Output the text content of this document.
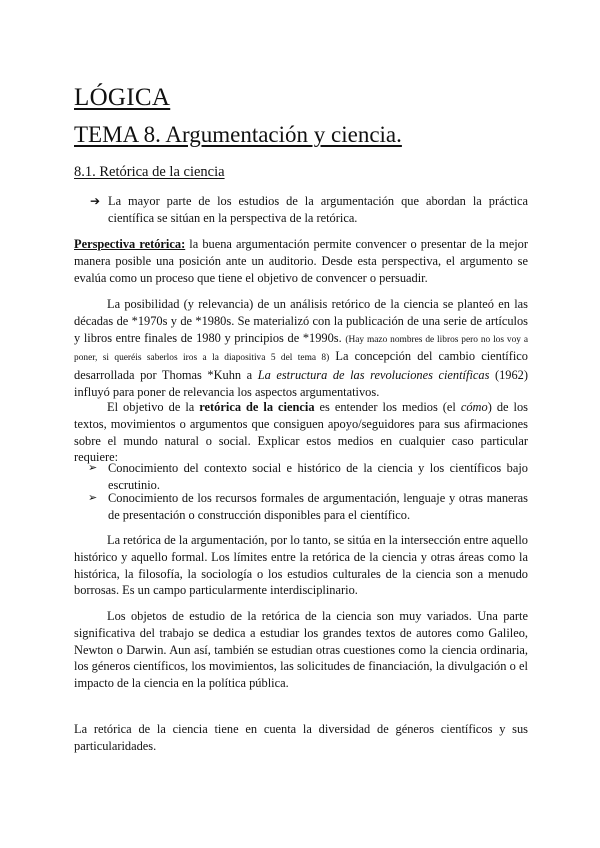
LÓGICA
TEMA 8. Argumentación y ciencia.
8.1. Retórica de la ciencia
➔ La mayor parte de los estudios de la argumentación que abordan la práctica científica se sitúan en la perspectiva de la retórica.

Perspectiva retórica: la buena argumentación permite convencer o presentar de la mejor manera posible una posición ante un auditorio. Desde esta perspectiva, el argumento se evalúa como un proceso que tiene el objetivo de convencer o persuadir.

La posibilidad (y relevancia) de un análisis retórico de la ciencia se planteó en las décadas de *1970s y de *1980s. Se materializó con la publicación de una serie de artículos y libros entre finales de 1980 y principios de *1990s. (Hay mazo nombres de libros pero no los voy a poner, si queréis saberlos iros a la diapositiva 5 del tema 8) La concepción del cambio científico desarrollada por Thomas *Kuhn a La estructura de las revoluciones científicas (1962) influyó para poner de relevancia los aspectos argumentativos.

El objetivo de la retórica de la ciencia es entender los medios (el cómo) de los textos, movimientos o argumentos que consiguen apoyo/seguidores para sus afirmaciones sobre el mundo natural o social. Explicar estos medios en cualquier caso particular requiere:

➢ Conocimiento del contexto social e histórico de la ciencia y los científicos bajo escrutinio.
➢ Conocimiento de los recursos formales de argumentación, lenguaje y otras maneras de presentación o construcción disponibles para el científico.

La retórica de la argumentación, por lo tanto, se sitúa en la intersección entre aquello histórico y aquello formal. Los límites entre la retórica de la ciencia y otras áreas como la histórica, la filosofía, la sociología o los estudios culturales de la ciencia son a menudo borrosas. Es un campo particularmente interdisciplinario.

Los objetos de estudio de la retórica de la ciencia son muy variados. Una parte significativa del trabajo se dedica a estudiar los grandes textos de autores como Galileo, Newton o Darwin. Aun así, también se estudian otras cuestiones como la ciencia ordinaria, los géneros científicos, los movimientos, las solicitudes de financiación, la divulgación o el impacto de la ciencia en la política pública.

La retórica de la ciencia tiene en cuenta la diversidad de géneros científicos y sus particularidades.
